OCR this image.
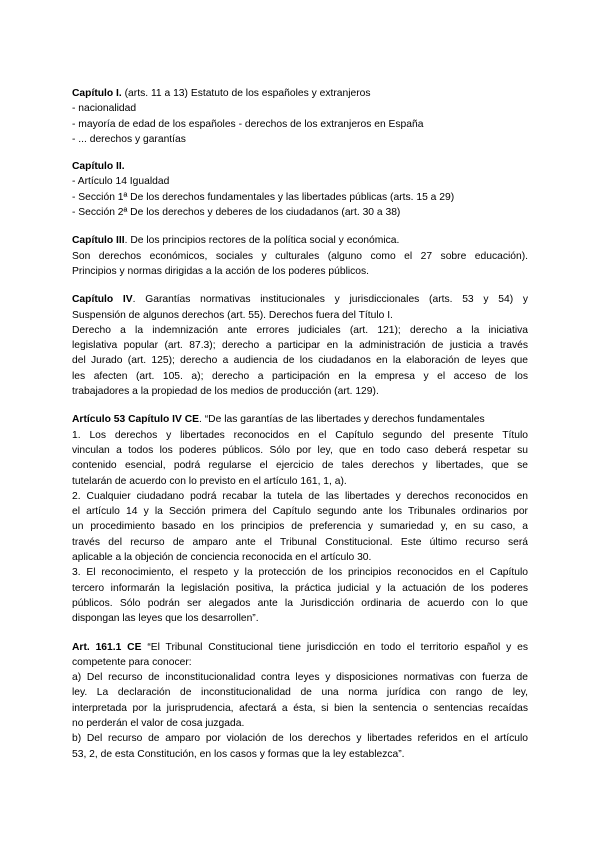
Capítulo I. (arts. 11 a 13) Estatuto de los españoles y extranjeros
- nacionalidad
- mayoría de edad de los españoles - derechos de los extranjeros en España
- ... derechos y garantías
Capítulo II.
- Artículo 14 Igualdad
- Sección 1ª De los derechos fundamentales y las libertades públicas (arts. 15 a 29)
- Sección 2ª De los derechos y deberes de los ciudadanos (art. 30 a 38)
Capítulo III. De los principios rectores de la política social y económica.
Son derechos económicos, sociales y culturales (alguno como el 27 sobre educación).
Principios y normas dirigidas a la acción de los poderes públicos.
Capítulo IV. Garantías normativas institucionales y jurisdiccionales (arts. 53 y 54) y
Suspensión de algunos derechos (art. 55). Derechos fuera del Título I.
Derecho a la indemnización ante errores judiciales (art. 121); derecho a la iniciativa
legislativa popular (art. 87.3); derecho a participar en la administración de justicia a través
del Jurado (art. 125); derecho a audiencia de los ciudadanos en la elaboración de leyes que
les afecten (art. 105. a); derecho a participación en la empresa y el acceso de los
trabajadores a la propiedad de los medios de producción (art. 129).
Artículo 53 Capítulo IV CE. “De las garantías de las libertades y derechos fundamentales
1. Los derechos y libertades reconocidos en el Capítulo segundo del presente Título
vinculan a todos los poderes públicos. Sólo por ley, que en todo caso deberá respetar su
contenido esencial, podrá regularse el ejercicio de tales derechos y libertades, que se
tutelarán de acuerdo con lo previsto en el artículo 161, 1, a).
2. Cualquier ciudadano podrá recabar la tutela de las libertades y derechos reconocidos en
el artículo 14 y la Sección primera del Capítulo segundo ante los Tribunales ordinarios por
un procedimiento basado en los principios de preferencia y sumariedad y, en su caso, a
través del recurso de amparo ante el Tribunal Constitucional. Este último recurso será
aplicable a la objeción de conciencia reconocida en el artículo 30.
3. El reconocimiento, el respeto y la protección de los principios reconocidos en el Capítulo
tercero informarán la legislación positiva, la práctica judicial y la actuación de los poderes
públicos. Sólo podrán ser alegados ante la Jurisdicción ordinaria de acuerdo con lo que
dispongan las leyes que los desarrollen”.
Art. 161.1 CE “El Tribunal Constitucional tiene jurisdicción en todo el territorio español y es
competente para conocer:
a) Del recurso de inconstitucionalidad contra leyes y disposiciones normativas con fuerza de
ley. La declaración de inconstitucionalidad de una norma jurídica con rango de ley,
interpretada por la jurisprudencia, afectará a ésta, si bien la sentencia o sentencias recaídas
no perderán el valor de cosa juzgada.
b) Del recurso de amparo por violación de los derechos y libertades referidos en el artículo
53, 2, de esta Constitución, en los casos y formas que la ley establezca”.
